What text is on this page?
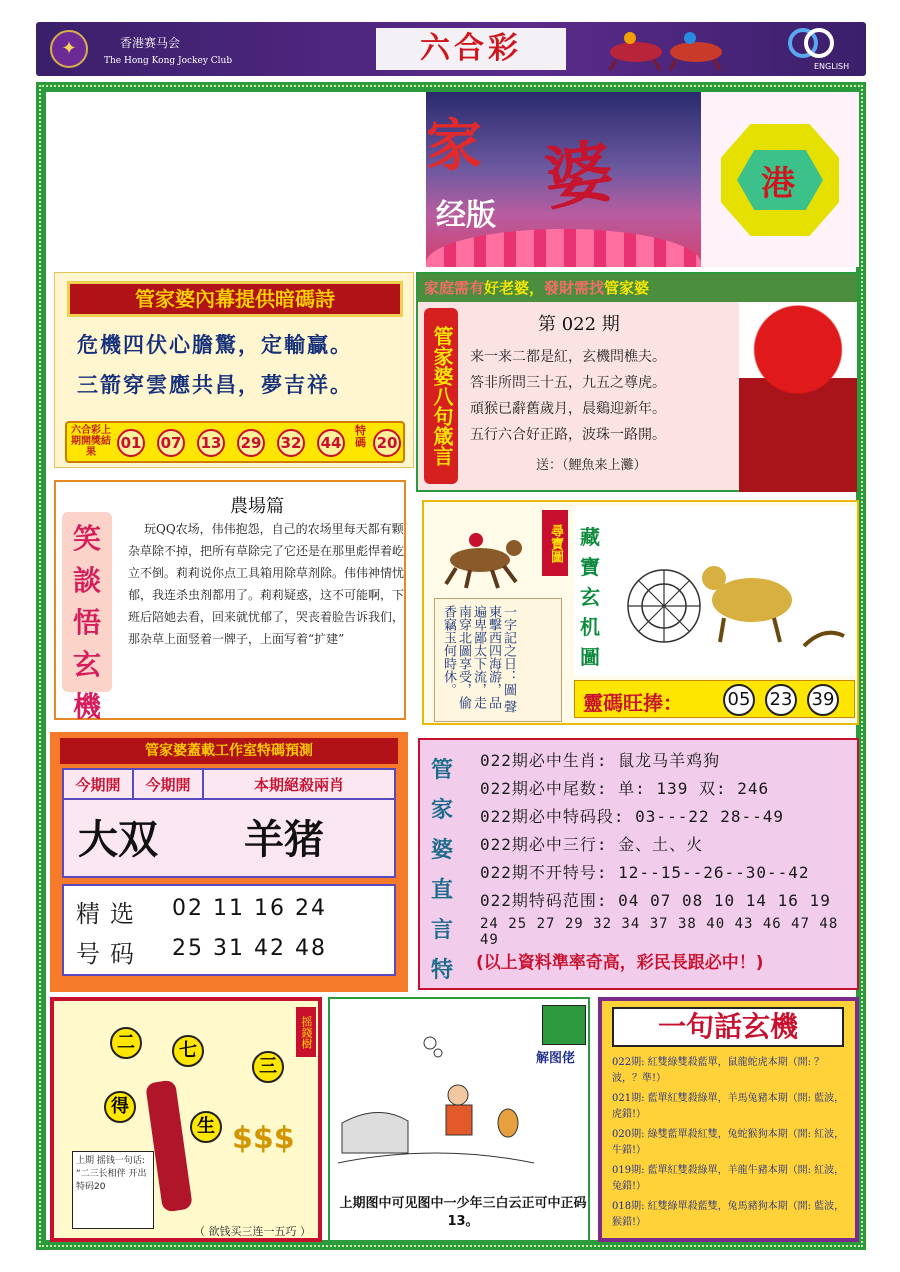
✦	香港赛马会
The Hong Kong Jockey Club	六合彩
ENGLISH
家 婆
经版
港
管家婆內幕提供暗碼詩
危機四伏心膽驚，定輸贏。
三箭穿雲應共昌，夢吉祥。
六合彩上期開獎結果
01 07 13 29 32 44
特碼 20
家庭需有好老婆，發財需找管家婆
管家婆八句箴言
第 022 期
来一来二都是紅，玄機問樵夫。
答非所問三十五，九五之尊虎。
頑猴已辭舊歲月，晨鷄迎新年。
五行六合好正路，波珠一路開。
送：（鯉魚来上灘）
笑談悟玄機
農場篇
玩QQ农场，伟伟抱怨，自己的农场里每天都有颗杂草除不掉，把所有草除完了它还是在那里彪悍着屹立不倒。莉莉说你点工具箱用除草剂除。伟伟神情忧郁，我连杀虫剂都用了。莉莉疑惑，这不可能啊，下班后陪她去看，回来就忧郁了，哭丧着脸告诉我们，那杂草上面竖着一牌子，上面写着“扩建”
尋寶圖
一字記之日：圖 聲東擊西四海游，品遍卑鄙太下流，走南穿北圖享受，偷香竊玉何時休。
藏寶玄机圖
靈碼旺捧： 05 23 39
管家婆蓋載工作室特碼預測
今期開	今期開	本期絕殺兩肖
大双 羊猪
精选号码
02 11 16 24
25 31 42 48
管家婆直言特
022期必中生肖: 鼠龙马羊鸡狗
022期必中尾数: 单: 139 双: 246
022期必中特码段: 03---22 28--49
022期必中三行: 金、土、火
022期不开特号: 12--15--26--30--42
022期特码范围: 04 07 08 10 14 16 19
24 25 27 29 32 34 37 38 40 43 46 47 48 49
(以上資料準率奇高，彩民長跟必中！)
二	七
三
得
生
摇錢樹
$$$
上期 摇钱一句话: “二三长相伴 开出特码20
（ 欲钱买三连一五巧 ）
解图佬
上期图中可见图中一少年三白云正可中正码13。
一句話玄機
022期: 紅雙綠雙殺藍單，鼠龍蛇虎本期（開: ？波，？準!）
021期: 藍單紅雙殺綠單，羊馬兔豬本期（開: 藍波，虎錯!）
020期: 綠雙藍單殺紅雙，兔蛇猴狗本期（開: 紅波，牛錯!）
019期: 藍單紅雙殺綠單，羊龍牛豬本期（開: 紅波，兔錯!）
018期: 紅雙綠單殺藍雙，兔馬豬狗本期（開: 藍波，猴錯!）
